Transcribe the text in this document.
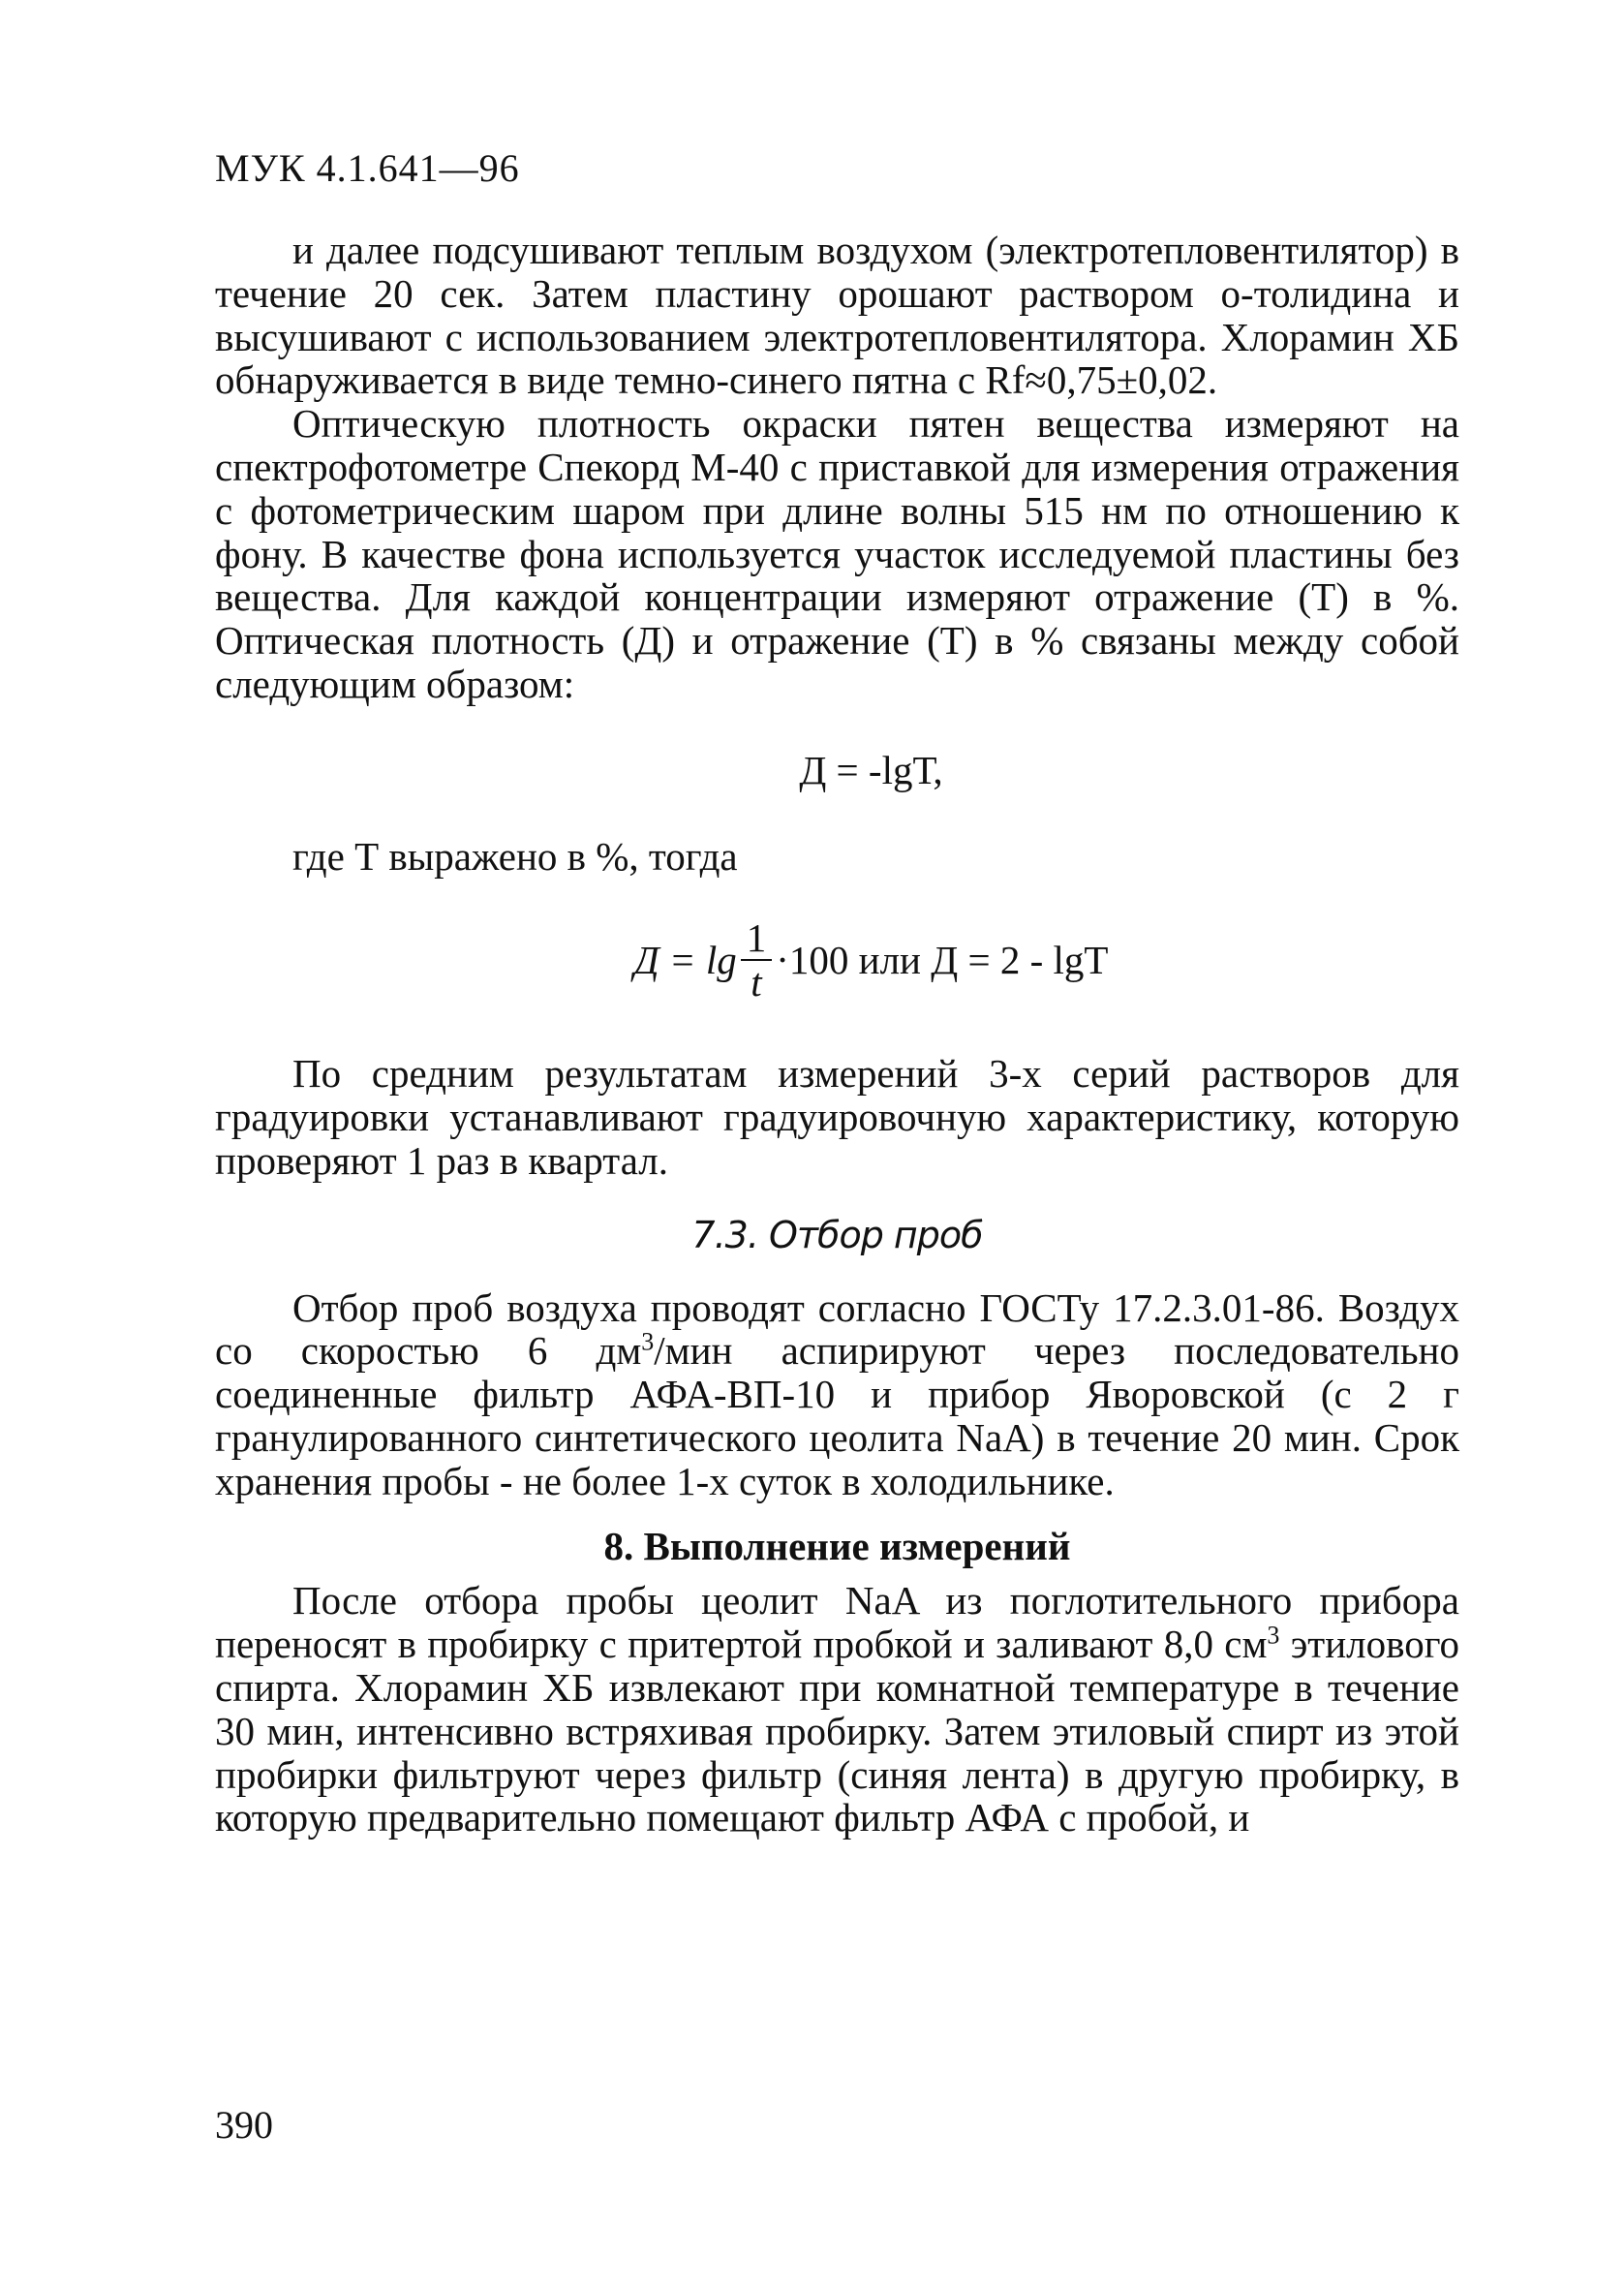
МУК 4.1.641—96

и далее подсушивают теплым воздухом (электротепловентилятор) в течение 20 сек. Затем пластину орошают раствором о-толидина и высушивают с использованием электротепловентилятора. Хлорамин ХБ обнаруживается в виде темно-синего пятна с Rf≈0,75±0,02.

Оптическую плотность окраски пятен вещества измеряют на спектрофотометре Спекорд М-40 с приставкой для измерения отражения с фотометрическим шаром при длине волны 515 нм по отношению к фону. В качестве фона используется участок исследуемой пластины без вещества. Для каждой концентрации измеряют отражение (Т) в %. Оптическая плотность (Д) и отражение (Т) в % связаны между собой следующим образом:

Д = -lgТ,
где Т выражено в %, тогда
$Д = \lg \frac{1}{t} \cdot 100$ или Д = 2 - lgТ

По средним результатам измерений 3-х серий растворов для градуировки устанавливают градуировочную характеристику, которую проверяют 1 раз в квартал.

7.3. Отбор проб

Отбор проб воздуха проводят согласно ГОСТу 17.2.3.01-86. Воздух со скоростью 6 $дм^3$/мин аспирируют через последовательно соединенные фильтр АФА-ВП-10 и прибор Яворовской (с 2 г гранулированного синтетического цеолита NaA) в течение 20 мин. Срок хранения пробы - не более 1-х суток в холодильнике.

8. Выполнение измерений

После отбора пробы цеолит NaA из поглотительного прибора переносят в пробирку с притертой пробкой и заливают 8,0 $см^3$ этилового спирта. Хлорамин ХБ извлекают при комнатной температуре в течение 30 мин, интенсивно встряхивая пробирку. Затем этиловый спирт из этой пробирки фильтруют через фильтр (синяя лента) в другую пробирку, в которую предварительно помещают фильтр АФА с пробой, и

390
